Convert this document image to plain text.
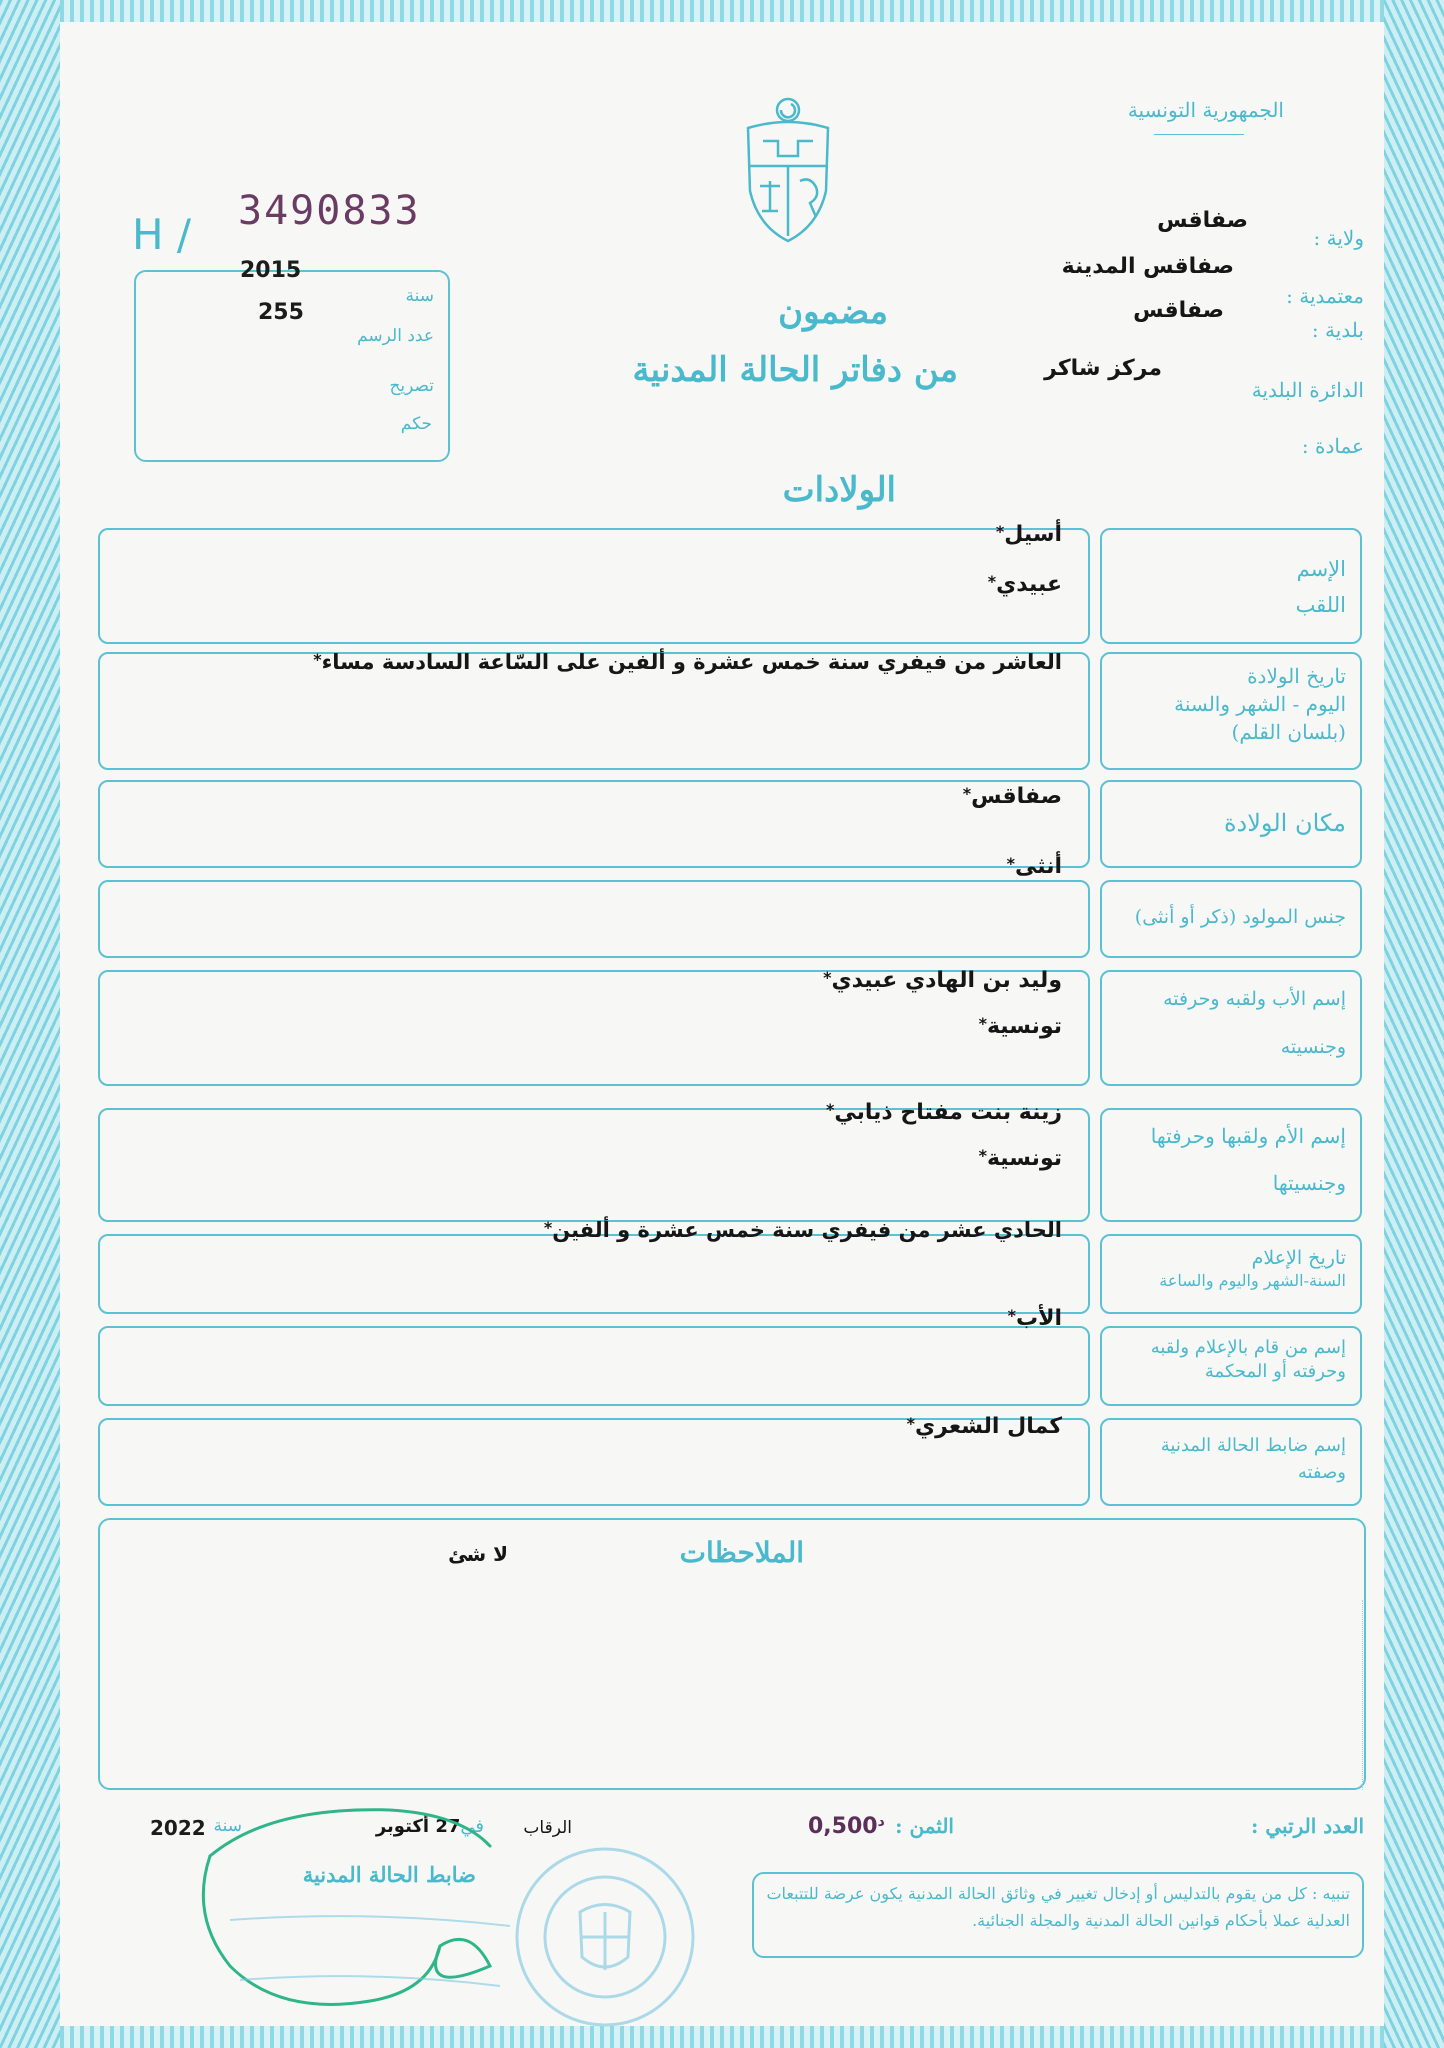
الجمهورية التونسية
H / 3490833
سنة
2015
عدد الرسم
255
تصريح
حكم
مضمون
من دفاتر الحالة المدنية
الولادات
ولاية :
صفاقس
معتمدية :
صفاقس المدينة
بلدية :
صفاقس
الدائرة البلدية
مركز شاكر
عمادة :
الإسم
اللقب
أسيل*
عبيدي*
تاريخ الولادة
اليوم - الشهر والسنة
(بلسان القلم)
العاشر من فيفري سنة خمس عشرة و ألفين على السّاعة السادسة مساء*
مكان الولادة
صفاقس*
جنس المولود (ذكر أو أنثى)
أنثى*
إسم الأب ولقبه وحرفته
وجنسيته
وليد بن الهادي عبيدي*
تونسية*
إسم الأم ولقبها وحرفتها
وجنسيتها
زينة بنت مفتاح ذيابي*
تونسية*
تاريخ الإعلام
السنة-الشهر واليوم والساعة
الحادي عشر من فيفري سنة خمس عشرة و ألفين*
إسم من قام بالإعلام ولقبه
وحرفته أو المحكمة
الأب*
إسم ضابط الحالة المدنية
وصفته
كمال الشعري*
الملاحظات
لا شئ
العدد الرتبي :
الثمن :
$^د$0,500
الرقاب
في27 أكتوبر
سنة
2022
ضابط الحالة المدنية
تنبيه : كل من يقوم بالتدليس أو إدخال تغيير في وثائق الحالة المدنية يكون عرضة للتتبعات العدلية عملا بأحكام قوانين الحالة المدنية والمجلة الجنائية.
